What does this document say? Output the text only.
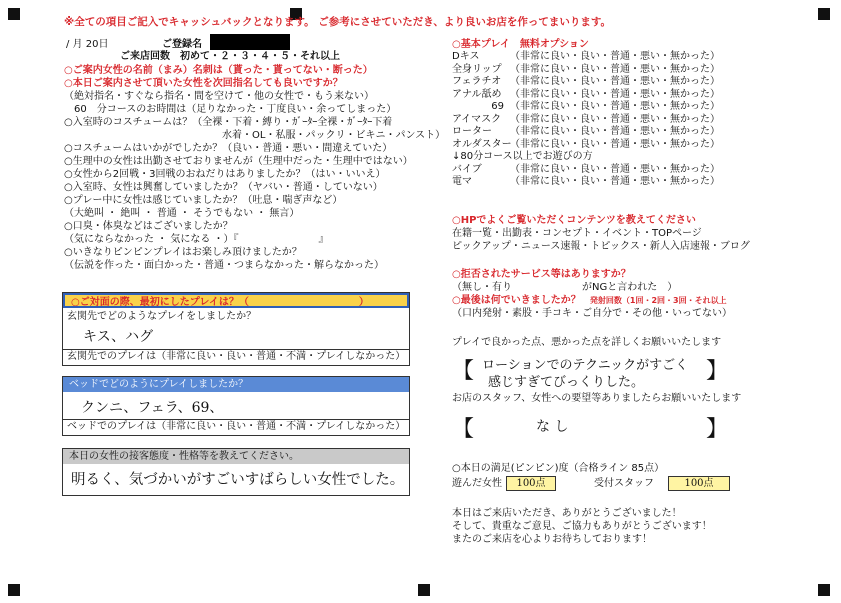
※全ての項目ご記入でキャッシュバックとなります。 ご参考にさせていただき、より良いお店を作ってまいります。
/ 月 20日	ご登録名
ご来店回数　初めて・２・３・４・５・それ以上
○ご案内女性の名前（まみ）名刺は（貰った・貰ってない・断った）
○本日ご案内させて頂いた女性を次回指名しても良いですか？
（絶対指名・すぐなら指名・間を空けて・他の女性で・もう来ない）
　60　分コースのお時間は（足りなかった・丁度良い・余ってしまった）
○入室時のコスチュームは？（全裸・下着・縛り・ｶﾞｰﾀｰ全裸・ｶﾞｰﾀｰ下着
水着・OL・私服・パックリ・ビキニ・パンスト）
○コスチュームはいかがでしたか？（良い・普通・悪い・間違えていた）
○生理中の女性は出勤させておりませんが（生理中だった・生理中ではない）
○女性から2回戦・3回戦のおねだりはありましたか？（はい・いいえ）
○入室時、女性は興奮していましたか？（ヤバい・普通・していない）
○プレー中に女性は感じていましたか？（吐息・喘ぎ声など）
（大絶叫 ・ 絶叫 ・ 普通 ・ そうでもない ・ 無言）
○口臭・体臭などはございましたか？
（気にならなかった ・ 気になる ・）『　　　　　　　　』
○いきなりピンピンプレイはお楽しみ頂けましたか？
（伝説を作った・面白かった・普通・つまらなかった・解らなかった）
○ご対面の際、最初にしたプレイは？（　　　　　　　　　　　）
玄関先でどのようなプレイをしましたか？
キス、ハグ
玄関先でのプレイは（非常に良い・良い・普通・不満・プレイしなかった）
ベッドでどのようにプレイしましたか？
クンニ、フェラ、69、
ベッドでのプレイは（非常に良い・良い・普通・不満・プレイしなかった）
本日の女性の接客態度・性格等を教えてください。
明るく、気づかいがすごいすばらしい女性でした。
○基本プレイ　無料オプション
Dキス	（非常に良い・良い・普通・悪い・無かった）
全身リップ （非常に良い・良い・普通・悪い・無かった）
フェラチオ （非常に良い・良い・普通・悪い・無かった）
アナル舐め （非常に良い・良い・普通・悪い・無かった）
69 （非常に良い・良い・普通・悪い・無かった）
アイマスク （非常に良い・良い・普通・悪い・無かった）
ローター	（非常に良い・良い・普通・悪い・無かった）
オルダスター
（非常に良い・良い・普通・悪い・無かった）
↓80分コース以上でお遊びの方
バイブ	（非常に良い・良い・普通・悪い・無かった）
電マ	（非常に良い・良い・普通・悪い・無かった）
○HPでよくご覧いただくコンテンツを教えてください
在籍一覧・出勤表・コンセプト・イベント・TOPページ
ピックアップ・ニュース速報・トピックス・新人入店速報・ブログ
○拒否されたサービス等はありますか？
（無し・有り　　　　　　　がNGと言われた　）
○最後は何でいきましたか？ 発射回数（1回・2回・3回・それ以上
（口内発射・素股・手コキ・ご自分で・その他・いってない）
プレイで良かった点、悪かった点を詳しくお願いいたします
【 ローションでのテクニックがすごく
感じすぎてびっくりした。	】
お店のスタッフ、女性への要望等ありましたらお願いいたします
【	な し	】
○本日の満足(ピンピン)度（合格ライン 85点）
遊んだ女性	100点	受付スタッフ	100点
本日はご来店いただき、ありがとうございました！
そして、貴重なご意見、ご協力もありがとうございます！
またのご来店を心よりお待ちしております！
